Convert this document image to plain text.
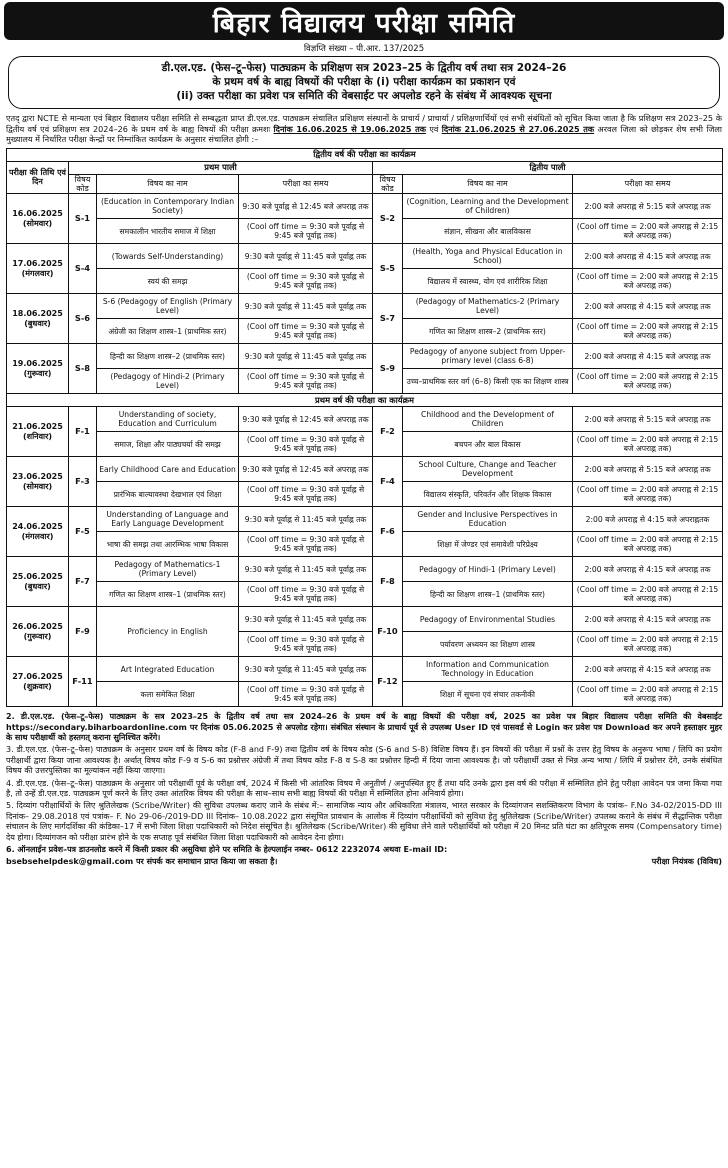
बिहार विद्यालय परीक्षा समिति
विज्ञप्ति संख्या – पी.आर. 137/2025
डी.एल.एड. (फेस–टू–फेस) पाठ्यक्रम के प्रशिक्षण सत्र 2023–25 के द्वितीय वर्ष तथा सत्र 2024–26
के प्रथम वर्ष के बाह्य विषयों की परीक्षा के (i) परीक्षा कार्यक्रम का प्रकाशन एवं
(ii) उक्त परीक्षा का प्रवेश पत्र समिति की वेबसाईट पर अपलोड रहने के संबंध में आवश्यक सूचना
एतद् द्वारा NCTE से मान्यता एवं बिहार विद्यालय परीक्षा समिति से सम्बद्धता प्राप्त डी.एल.एड. पाठ्यक्रम संचालित प्रशिक्षण संस्थानों के प्राचार्य / प्राचार्या / प्रशिक्षणार्थियों एवं सभी संबंधितों को सूचित किया जाता है कि प्रशिक्षण सत्र 2023–25 के द्वितीय वर्ष एवं प्रशिक्षण सत्र 2024–26 के प्रथम वर्ष के बाह्य विषयों की परीक्षा क्रमशः दिनांक 16.06.2025 से 19.06.2025 तक एवं दिनांक 21.06.2025 से 27.06.2025 तक अरवल जिला को छोड़कर शेष सभी जिला मुख्यालय में निर्धारित परीक्षा केन्द्रों पर निम्नांकित कार्यक्रम के अनुसार संचालित होगी :–
द्वितीय वर्ष की परीक्षा का कार्यक्रम						
परीक्षा की तिथि एवं दिन	प्रथम पाली			द्वितीय पाली		
	विषय कोड	विषय का नाम	परीक्षा का समय	विषय कोड	विषय का नाम	परीक्षा का समय

16.06.2025
(सोमवार)	S-1	(Education in Contemporary Indian Society)	9:30 बजे पूर्वाह्न से 12:45 बजे अपराह्न तक	S-2	(Cognition, Learning and the Development of Children)	2:00 बजे अपराह्न से 5:15 बजे अपराह्न तक
		समकालीन भारतीय समाज में शिक्षा	(Cool off time = 9:30 बजे पूर्वाह्न से 9:45 बजे पूर्वाह्न तक)		संज्ञान, सीखना और बालविकास	(Cool off time = 2:00 बजे अपराह्न से 2:15 बजे अपराह्न तक)

17.06.2025
(मंगलवार)	S-4	(Towards Self-Understanding)	9:30 बजे पूर्वाह्न से 11:45 बजे पूर्वाह्न तक	S-5	(Health, Yoga and Physical Education in School)	2:00 बजे अपराह्न से 4:15 बजे अपराह्न तक
		स्वयं की समझ	(Cool off time = 9:30 बजे पूर्वाह्न से 9:45 बजे पूर्वाह्न तक)		विद्यालय में स्वास्थ्य, योग एवं शारीरिक शिक्षा	(Cool off time = 2:00 बजे अपराह्न से 2:15 बजे अपराह्न तक)

18.06.2025
(बुधवार)	S-6	S-6 (Pedagogy of English (Primary Level)	9:30 बजे पूर्वाह्न से 11:45 बजे पूर्वाह्न तक	S-7	(Pedagogy of Mathematics-2 (Primary Level)	2:00 बजे अपराह्न से 4:15 बजे अपराह्न तक
		अंग्रेजी का शिक्षण शास्त्र–1 (प्राथमिक स्तर)	(Cool off time = 9:30 बजे पूर्वाह्न से 9:45 बजे पूर्वाह्न तक)		गणित का शिक्षण शास्त्र–2 (प्राथमिक स्तर)	(Cool off time = 2:00 बजे अपराह्न से 2:15 बजे अपराह्न तक)

19.06.2025
(गुरूवार)	S-8	हिन्दी का शिक्षण शास्त्र–2 (प्राथमिक स्तर)	9:30 बजे पूर्वाह्न से 11:45 बजे पूर्वाह्न तक	S-9	Pedagogy of anyone subject from Upper-primary level (class 6-8)	2:00 बजे अपराह्न से 4:15 बजे अपराह्न तक
		(Pedagogy of Hindi-2 (Primary Level)	(Cool off time = 9:30 बजे पूर्वाह्न से 9:45 बजे पूर्वाह्न तक)		उच्च–प्राथमिक स्तर वर्ग (6–8) किसी एक का शिक्षण शास्त्र	(Cool off time = 2:00 बजे अपराह्न से 2:15 बजे अपराह्न तक)
प्रथम वर्ष की परीक्षा का कार्यक्रम						

21.06.2025
(शनिवार)	F-1	Understanding of society, Education and Curriculum	9:30 बजे पूर्वाह्न से 12:45 बजे अपराह्न तक	F-2	Childhood and the Development of Children	2:00 बजे अपराह्न से 5:15 बजे अपराह्न तक
		समाज, शिक्षा और पाठ्यचर्या की समझ	(Cool off time = 9:30 बजे पूर्वाह्न से 9:45 बजे पूर्वाह्न तक)		बचपन और बाल विकास	(Cool off time = 2:00 बजे अपराह्न से 2:15 बजे अपराह्न तक)

23.06.2025
(सोमवार)	F-3	Early Childhood Care and Education	9:30 बजे पूर्वाह्न से 12:45 बजे अपराह्न तक	F-4	School Culture, Change and Teacher Development	2:00 बजे अपराह्न से 5:15 बजे अपराह्न तक
		प्रारंभिक बाल्यावस्था देखभाल एवं शिक्षा	(Cool off time = 9:30 बजे पूर्वाह्न से 9:45 बजे पूर्वाह्न तक)		विद्यालय संस्कृति, परिवर्तन और शिक्षक विकास	(Cool off time = 2:00 बजे अपराह्न से 2:15 बजे अपराह्न तक)

24.06.2025
(मंगलवार)	F-5	Understanding of Language and Early Language Development	9:30 बजे पूर्वाह्न से 11:45 बजे पूर्वाह्न तक	F-6	Gender and Inclusive Perspectives in Education	2:00 बजे अपराह्न से 4:15 बजे अपराह्नतक
		भाषा की समझ तथा आरम्भिक भाषा विकास	(Cool off time = 9:30 बजे पूर्वाह्न से 9:45 बजे पूर्वाह्न तक)		शिक्षा में जेण्डर एवं समावेशी परिप्रेक्ष्य	(Cool off time = 2:00 बजे अपराह्न से 2:15 बजे अपराह्न तक)

25.06.2025
(बुधवार)	F-7	Pedagogy of Mathematics-1 (Primary Level)	9:30 बजे पूर्वाह्न से 11:45 बजे पूर्वाह्न तक	F-8	Pedagogy of Hindi-1 (Primary Level)	2:00 बजे अपराह्न से 4:15 बजे अपराह्न तक
		गणित का शिक्षण शास्त्र–1 (प्राथमिक स्तर)	(Cool off time = 9:30 बजे पूर्वाह्न से 9:45 बजे पूर्वाह्न तक)		हिन्दी का शिक्षण शास्त्र–1 (प्राथमिक स्तर)	(Cool off time = 2:00 बजे अपराह्न से 2:15 बजे अपराह्न तक)

26.06.2025
(गुरूवार)	F-9	Proficiency in English	9:30 बजे पूर्वाह्न से 11:45 बजे पूर्वाह्न तक	F-10	Pedagogy of Environmental Studies	2:00 बजे अपराह्न से 4:15 बजे अपराह्न तक
			(Cool off time = 9:30 बजे पूर्वाह्न से 9:45 बजे पूर्वाह्न तक)		पर्यावरण अध्ययन का शिक्षण शास्त्र	(Cool off time = 2:00 बजे अपराह्न से 2:15 बजे अपराह्न तक)

27.06.2025
(शुक्रवार)	F-11	Art Integrated Education	9:30 बजे पूर्वाह्न से 11:45 बजे पूर्वाह्न तक	F-12	Information and Communication Technology in Education	2:00 बजे अपराह्न से 4:15 बजे अपराह्न तक
		कला समेकित शिक्षा	(Cool off time = 9:30 बजे पूर्वाह्न से 9:45 बजे पूर्वाह्न तक)		शिक्षा में सूचना एवं संचार तकनीकी	(Cool off time = 2:00 बजे अपराह्न से 2:15 बजे अपराह्न तक)

2. डी.एल.एड. (फेस–टू–फेस) पाठ्यक्रम के सत्र 2023–25 के द्वितीय वर्ष तथा सत्र 2024–26 के प्रथम वर्ष के बाह्य विषयों की परीक्षा वर्ष, 2025 का प्रवेश पत्र बिहार विद्यालय परीक्षा समिति की वेबसाईट https://secondary.biharboardonline.com पर दिनांक 05.06.2025 से अपलोड रहेगा। संबंधित संस्थान के प्राचार्य पूर्व से उपलब्ध User ID एवं पासवर्ड से Login कर प्रवेश पत्र Download कर अपने हस्ताक्षर मुहर के साथ परीक्षार्थी को हस्तगत् कराना सुनिश्चित करेंगे।

3. डी.एल.एड. (फेस–टू–फेस) पाठ्यक्रम के अनुसार प्रथम वर्ष के विषय कोड (F-8 and F-9) तथा द्वितीय वर्ष के विषय कोड (S-6 and S-8) विशिष्ट विषय हैं। इन विषयों की परीक्षा में प्रश्नों के उत्तर हेतु विषय के अनुरूप भाषा / लिपि का प्रयोग परीक्षार्थी द्वारा किया जाना आवश्यक है। अर्थात् विषय कोड F-9 व S-6 का प्रश्नोत्तर अंग्रेजी में तथा विषय कोड F-8 व S-8 का प्रश्नोत्तर हिन्दी में दिया जाना आवश्यक है। जो परीक्षार्थी उक्त से भिन्न अन्य भाषा / लिपि में प्रश्नोत्तर देंगे, उनके संबंधित विषय की उत्तरपुस्तिका का मूल्यांकन नहीं किया जाएगा।

4. डी.एल.एड. (फेस–टू–फेस) पाठ्यक्रम के अनुसार जो परीक्षार्थी पूर्व के परीक्षा वर्ष, 2024 में किसी भी आंतरिक विषय में अनुतीर्ण / अनुपस्थित हुए हैं तथा यदि उनके द्वारा इस वर्ष की परीक्षा में सम्मिलित होने हेतु परीक्षा आवेदन पत्र जमा किया गया है, तो उन्हें डी.एल.एड. पाठ्यक्रम पूर्ण करने के लिए उक्त आंतरिक विषय की परीक्षा के साथ–साथ सभी बाह्य विषयों की परीक्षा में सम्मिलित होना अनिवार्य होगा।

5. दिव्यांग परीक्षार्थियों के लिए श्रुतिलेखक (Scribe/Writer) की सुविधा उपलब्ध कराए जाने के संबंध में:– सामाजिक न्याय और अधिकारिता मंत्रालय, भारत सरकार के दिव्यांगजन सशक्तिकरण विभाग के पत्रांक– F.No 34-02/2015-DD III दिनांक– 29.08.2018 एवं पत्रांक– F. No 29-06-/2019-DD III दिनांक– 10.08.2022 द्वारा संसूचित प्रावधान के आलोक में दिव्यांग परीक्षार्थियों को सुविधा हेतु श्रुतिलेखक (Scribe/Writer) उपलब्ध कराने के संबंध में सैद्धान्तिक परीक्षा संचालन के लिए मार्गदर्शिका की कंडिका–17 में सभी जिला शिक्षा पदाधिकारी को निदेश संसूचित है। श्रुतिलेखक (Scribe/Writer) की सुविधा लेने वाले परीक्षार्थियों को परीक्षा में 20 मिनट प्रति घंटा का क्षतिपूरक समय (Compensatory time) देय होगा। दिव्यांगजन को परीक्षा प्रारंभ होने के एक सप्ताह पूर्व संबंधित जिला शिक्षा पदाधिकारी को आवेदन देना होगा।

6. ऑनलाईन प्रवेश–पत्र डाउनलोड करने में किसी प्रकार की असुविधा होने पर समिति के हेल्पलाईन नम्बर– 0612 2232074 अथवा E-mail ID:

bsebsehelpdesk@gmail.com पर संपर्क कर समाधान प्राप्त किया जा सकता है।	परीक्षा नियंत्रक (विविध)
